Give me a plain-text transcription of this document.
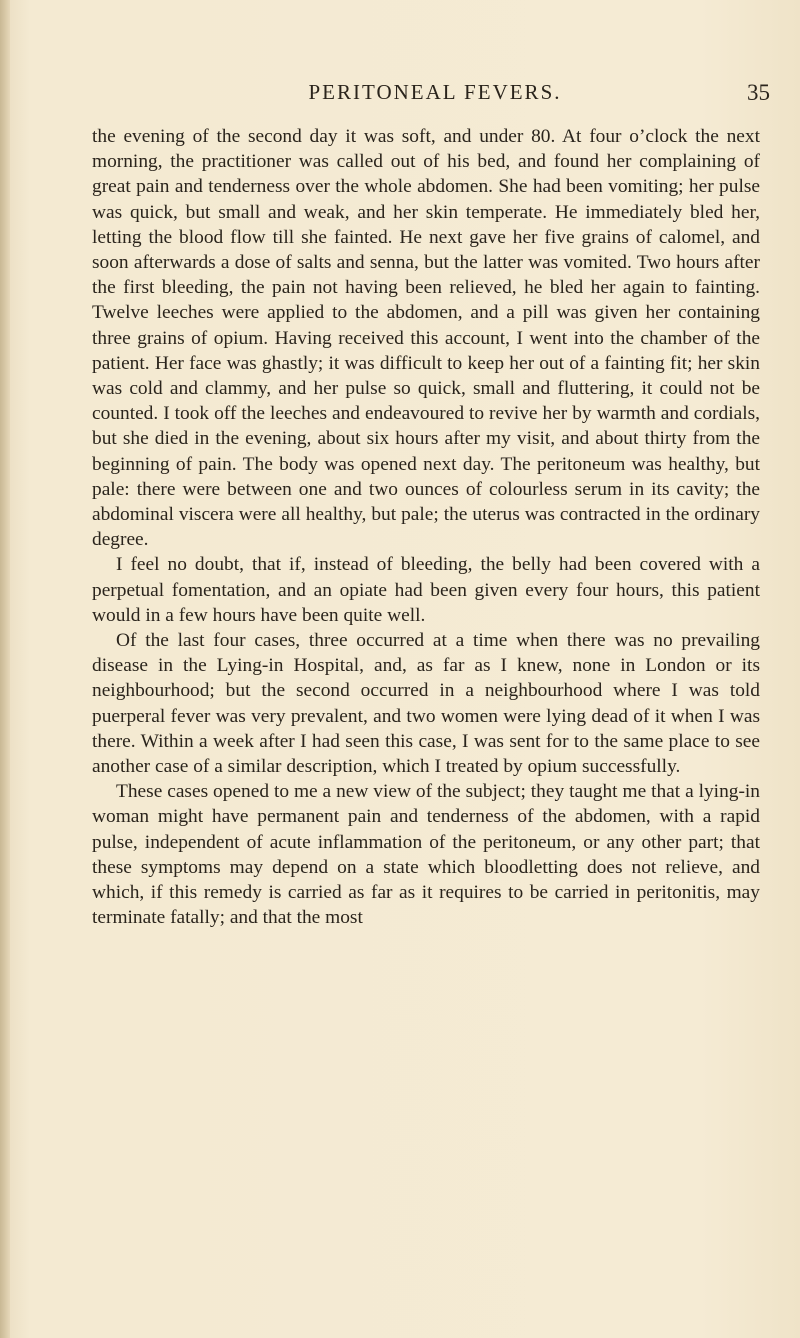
PERITONEAL FEVERS.	35

the evening of the second day it was soft, and under 80. At four o’clock the next morning, the practitioner was called out of his bed, and found her complaining of great pain and tenderness over the whole abdomen. She had been vomiting; her pulse was quick, but small and weak, and her skin temperate. He immediately bled her, letting the blood flow till she fainted. He next gave her five grains of calomel, and soon afterwards a dose of salts and senna, but the latter was vomited. Two hours after the first bleeding, the pain not having been relieved, he bled her again to fainting. Twelve leeches were applied to the abdomen, and a pill was given her containing three grains of opium. Having received this account, I went into the chamber of the patient. Her face was ghastly; it was difficult to keep her out of a fainting fit; her skin was cold and clammy, and her pulse so quick, small and fluttering, it could not be counted. I took off the leeches and endeavoured to revive her by warmth and cordials, but she died in the evening, about six hours after my visit, and about thirty from the beginning of pain. The body was opened next day. The peritoneum was healthy, but pale: there were between one and two ounces of colourless serum in its cavity; the abdominal viscera were all healthy, but pale; the uterus was contracted in the ordinary degree.

I feel no doubt, that if, instead of bleeding, the belly had been covered with a perpetual fomentation, and an opiate had been given every four hours, this patient would in a few hours have been quite well.

Of the last four cases, three occurred at a time when there was no prevailing disease in the Lying-in Hospital, and, as far as I knew, none in London or its neighbourhood; but the second occurred in a neighbourhood where I was told puerperal fever was very prevalent, and two women were lying dead of it when I was there. Within a week after I had seen this case, I was sent for to the same place to see another case of a similar description, which I treated by opium successfully.

These cases opened to me a new view of the subject; they taught me that a lying-in woman might have permanent pain and tenderness of the abdomen, with a rapid pulse, independent of acute inflammation of the peritoneum, or any other part; that these symptoms may depend on a state which bloodletting does not relieve, and which, if this remedy is carried as far as it requires to be carried in peritonitis, may terminate fatally; and that the most
